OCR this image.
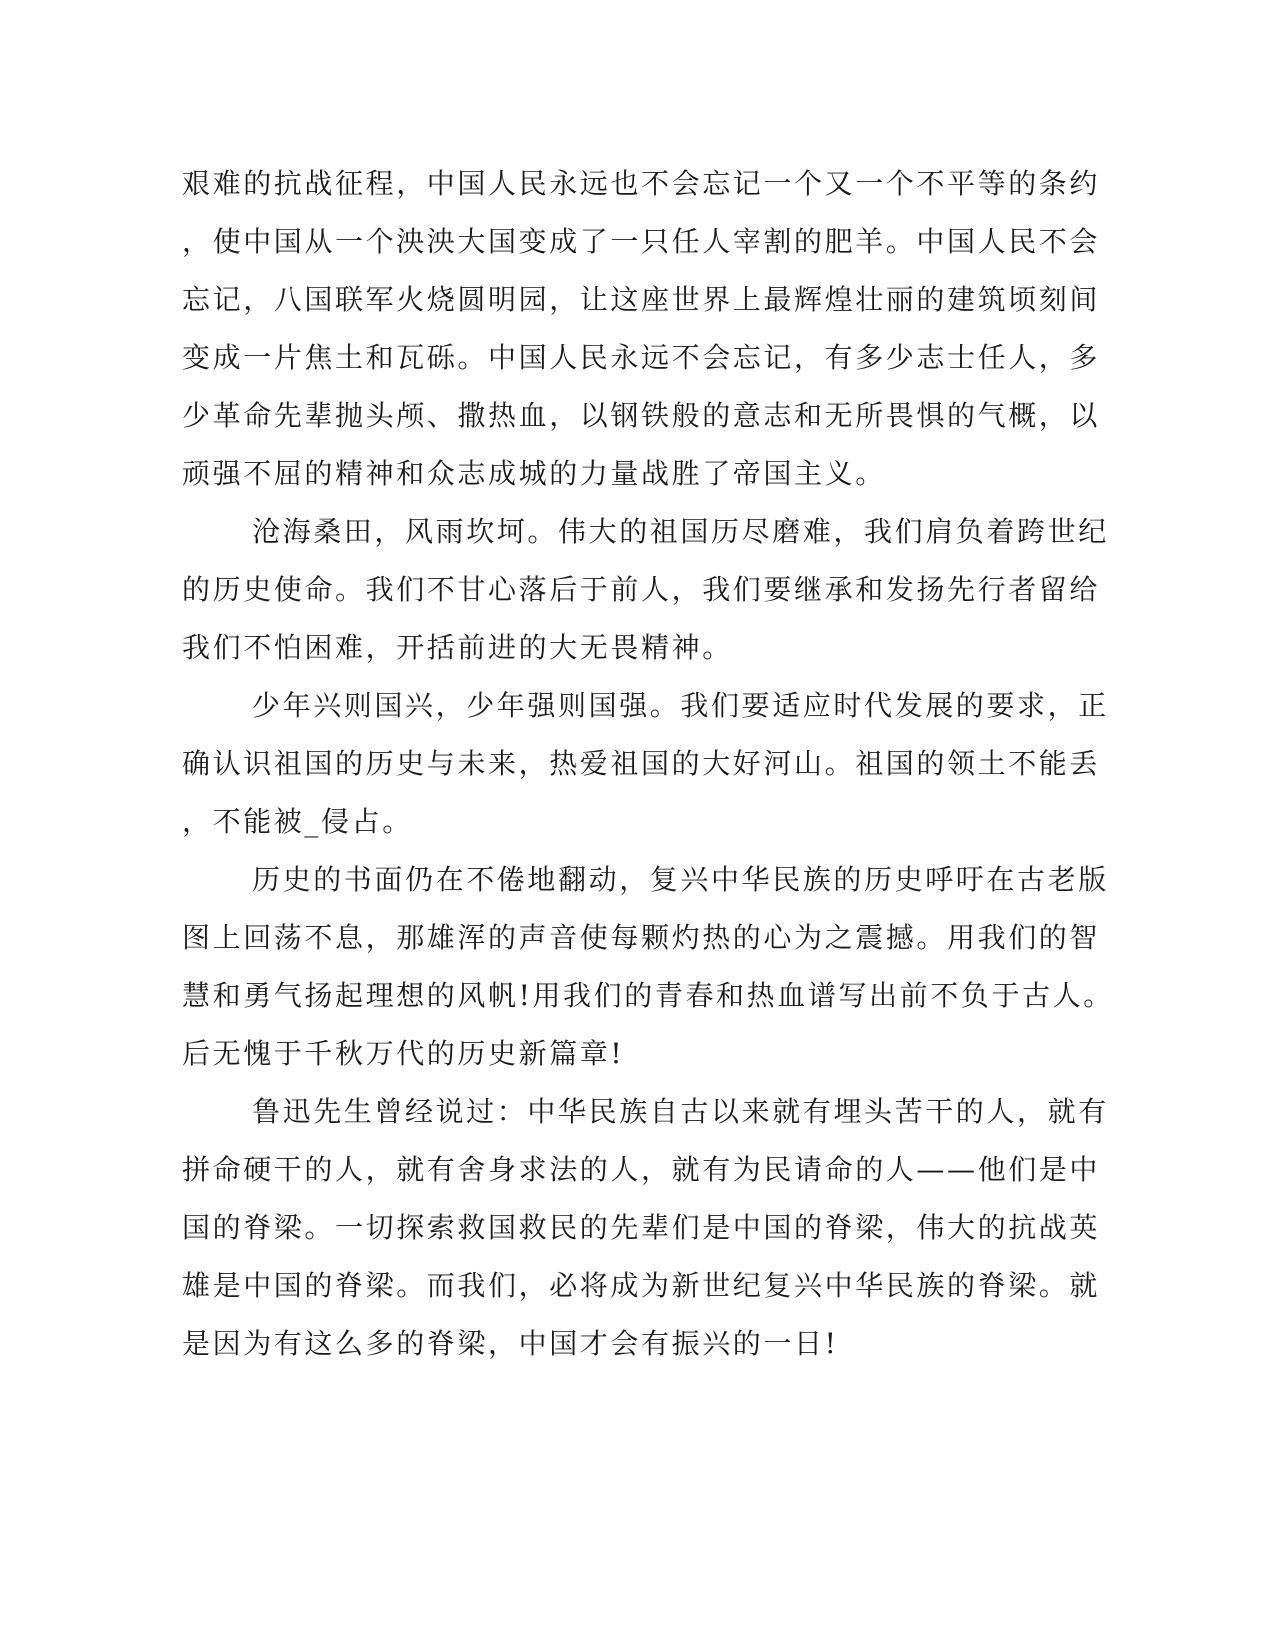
艰难的抗战征程，中国人民永远也不会忘记一个又一个不平等的条约
，使中国从一个泱泱大国变成了一只任人宰割的肥羊。中国人民不会
忘记，八国联军火烧圆明园，让这座世界上最辉煌壮丽的建筑顷刻间
变成一片焦土和瓦砾。中国人民永远不会忘记，有多少志士任人，多
少革命先辈抛头颅、撒热血，以钢铁般的意志和无所畏惧的气概，以
顽强不屈的精神和众志成城的力量战胜了帝国主义。
沧海桑田，风雨坎坷。伟大的祖国历尽磨难，我们肩负着跨世纪
的历史使命。我们不甘心落后于前人，我们要继承和发扬先行者留给
我们不怕困难，开括前进的大无畏精神。
少年兴则国兴，少年强则国强。我们要适应时代发展的要求，正
确认识祖国的历史与未来，热爱祖国的大好河山。祖国的领土不能丢
，不能被_侵占。
历史的书面仍在不倦地翻动，复兴中华民族的历史呼吁在古老版
图上回荡不息，那雄浑的声音使每颗灼热的心为之震撼。用我们的智
慧和勇气扬起理想的风帆!用我们的青春和热血谱写出前不负于古人。
后无愧于千秋万代的历史新篇章!
鲁迅先生曾经说过：中华民族自古以来就有埋头苦干的人，就有
拼命硬干的人，就有舍身求法的人，就有为民请命的人——他们是中
国的脊梁。一切探索救国救民的先辈们是中国的脊梁，伟大的抗战英
雄是中国的脊梁。而我们，必将成为新世纪复兴中华民族的脊梁。就
是因为有这么多的脊梁，中国才会有振兴的一日!
